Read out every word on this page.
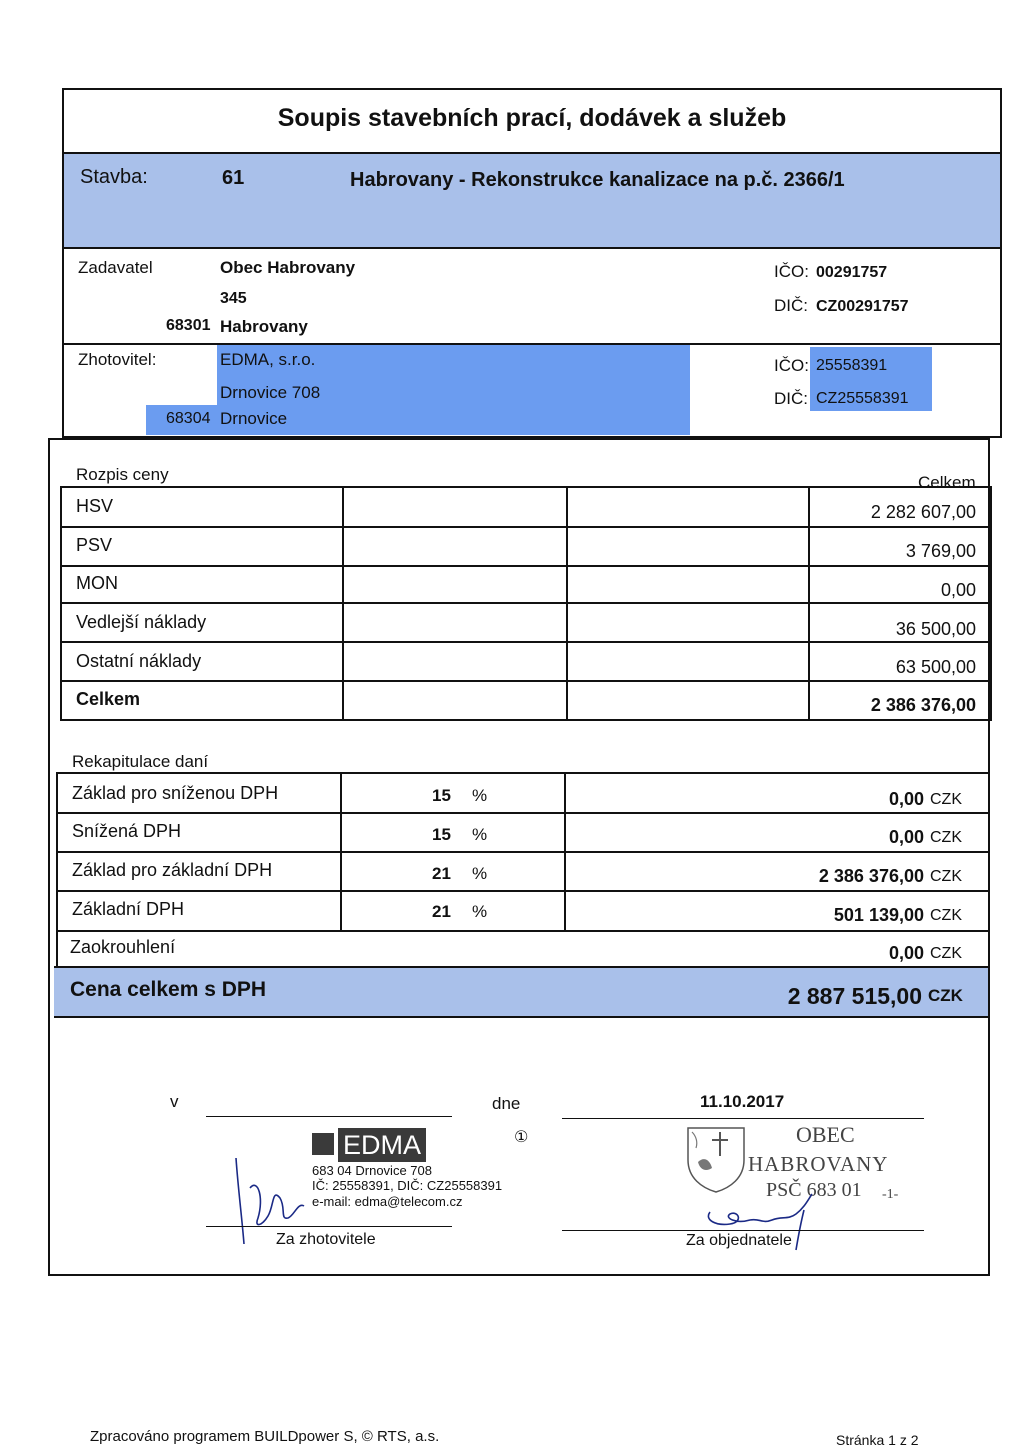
Soupis stavebních prací, dodávek a služeb
Stavba:	61	Habrovany - Rekonstrukce kanalizace na p.č. 2366/1
Zadavatel	Obec Habrovany
345
68301 Habrovany
IČO: 00291757
DIČ: CZ00291757
Zhotovitel:	EDMA, s.r.o.
Drnovice 708
68304 Drnovice
IČO: 25558391
DIČ: CZ25558391
Rozpis ceny	Celkem
HSV	2 282 607,00
PSV	3 769,00
MON	0,00
Vedlejší náklady	36 500,00
Ostatní náklady	63 500,00
Celkem	2 386 376,00
Rekapitulace daní
Základ pro sníženou DPH	15 %	0,00 CZK
Snížená DPH	15 %	0,00 CZK
Základ pro základní DPH	21 %	2 386 376,00 CZK
Základní DPH	21 %	501 139,00 CZK
Zaokrouhlení	0,00 CZK
Cena celkem s DPH	2 887 515,00 CZK
v	dne	11.10.2017
①
EDMA
683 04 Drnovice 708
IČ: 25558391, DIČ: CZ25558391
e-mail: edma@telecom.cz
Za zhotovitele
OBEC
HABROVANY
PSČ 683 01 -1-
Za objednatele
Zpracováno programem BUILDpower S, © RTS, a.s.	Stránka 1 z 2
